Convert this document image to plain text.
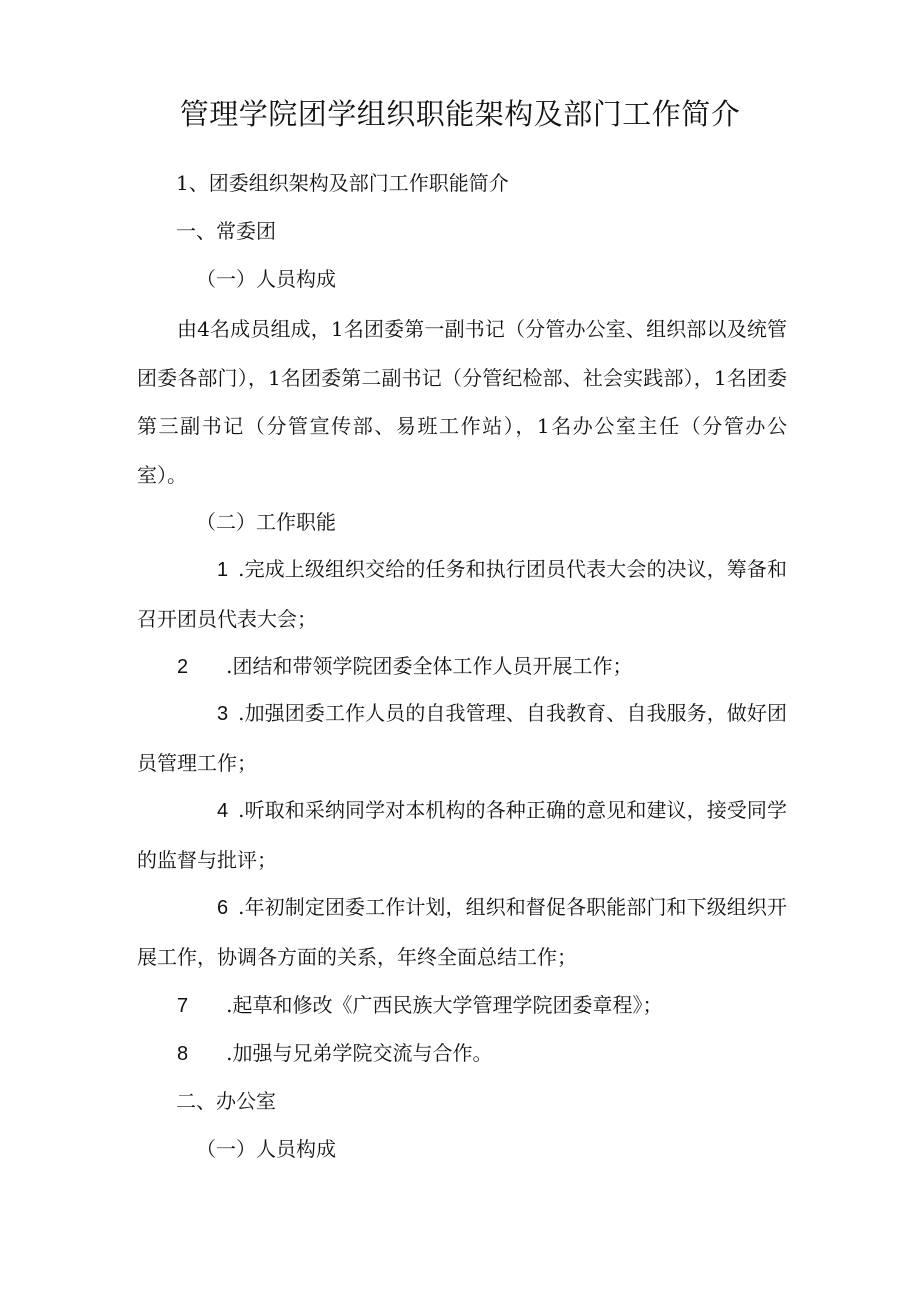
管理学院团学组织职能架构及部门工作简介

1、团委组织架构及部门工作职能简介

一、常委团

（一）人员构成

由4名成员组成，1名团委第一副书记（分管办公室、组织部以及统管团委各部门），1名团委第二副书记（分管纪检部、社会实践部），1名团委第三副书记（分管宣传部、易班工作站），1名办公室主任（分管办公室）。

（二）工作职能

1 .完成上级组织交给的任务和执行团员代表大会的决议，筹备和召开团员代表大会；

2 .团结和带领学院团委全体工作人员开展工作；

3 .加强团委工作人员的自我管理、自我教育、自我服务，做好团员管理工作；

4 .听取和采纳同学对本机构的各种正确的意见和建议，接受同学的监督与批评；

6 .年初制定团委工作计划，组织和督促各职能部门和下级组织开展工作，协调各方面的关系，年终全面总结工作；

7 .起草和修改《广西民族大学管理学院团委章程》；

8 .加强与兄弟学院交流与合作。

二、办公室

（一）人员构成
